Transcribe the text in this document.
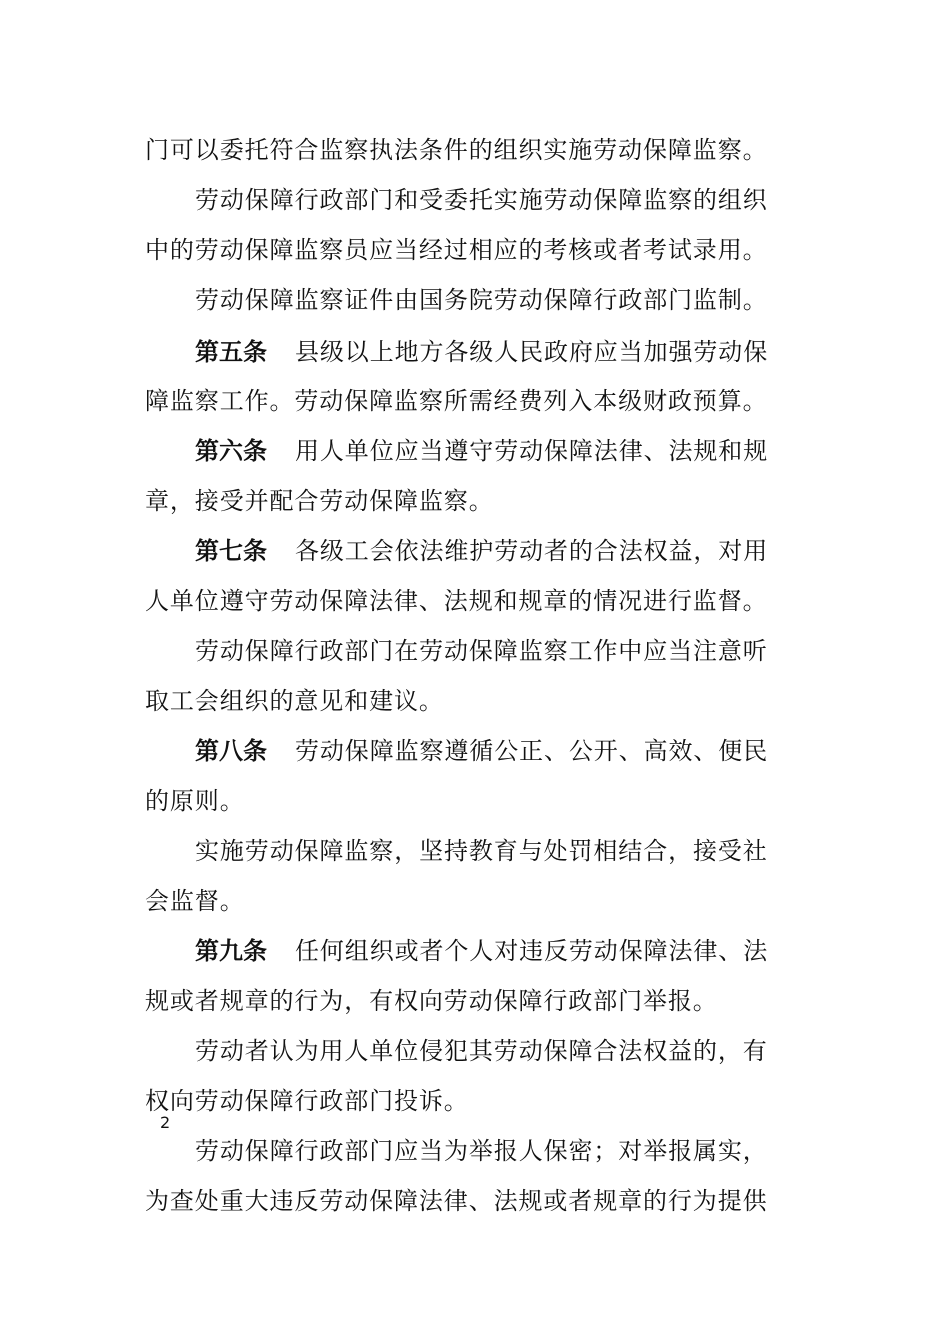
门可以委托符合监察执法条件的组织实施劳动保障监察。
劳动保障行政部门和受委托实施劳动保障监察的组织
中的劳动保障监察员应当经过相应的考核或者考试录用。
劳动保障监察证件由国务院劳动保障行政部门监制。
第五条 县级以上地方各级人民政府应当加强劳动保
障监察工作。劳动保障监察所需经费列入本级财政预算。
第六条 用人单位应当遵守劳动保障法律、法规和规
章，接受并配合劳动保障监察。
第七条 各级工会依法维护劳动者的合法权益，对用
人单位遵守劳动保障法律、法规和规章的情况进行监督。
劳动保障行政部门在劳动保障监察工作中应当注意听
取工会组织的意见和建议。
第八条 劳动保障监察遵循公正、公开、高效、便民
的原则。
实施劳动保障监察，坚持教育与处罚相结合，接受社
会监督。
第九条 任何组织或者个人对违反劳动保障法律、法
规或者规章的行为，有权向劳动保障行政部门举报。
劳动者认为用人单位侵犯其劳动保障合法权益的，有
权向劳动保障行政部门投诉。
2
劳动保障行政部门应当为举报人保密；对举报属实，
为查处重大违反劳动保障法律、法规或者规章的行为提供
